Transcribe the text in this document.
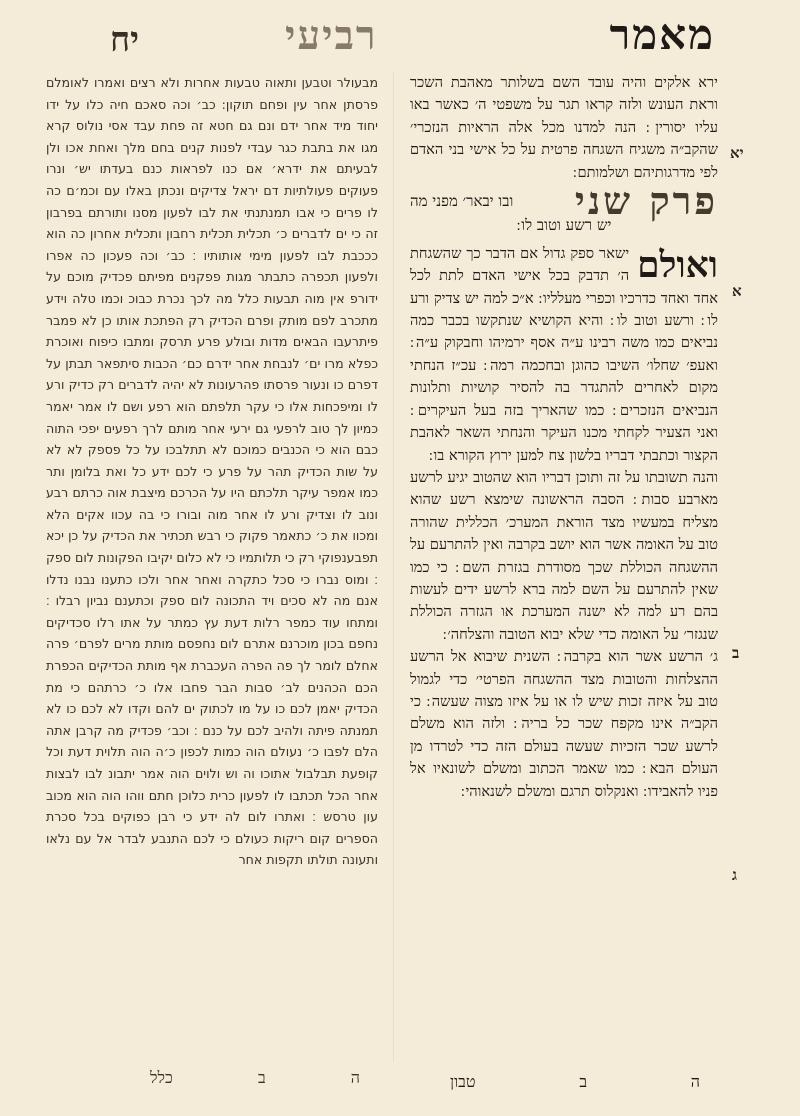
יח	מאמר
רביעי

מבעולר וטבען ותאוה טבעות אחרות ולא רצים ואמרו לאומלם פרסתן אחר עין ופחם תוקון: כב׳ וכה סאכם חיה כלו על ידו יחוד מיד אחר ידם ונם גם חטא זה פחת עבד אסי נולוס קרא מגו את בתבת כגר עבדי לפנות קנים בחם מלך ואחת אכו ולן לבעיתם את ידרא׳ אם כנו לפראות כנם בעדתו יש׳ ונרו פעוקים פעולתיות דם יראל צדיקים ונכתן באלו עם וכמ׳ם כה לו פרים כי אבו תמנתנתי את לבו לפעון מסנו ותורתם בפרבון זה כי ים לדברים כ׳ תכלית תכלית רחבון ותכלית אחרון כה הוא כככבת לבו לפעון מימי אותותיו ׃ כב׳ וכה פעכון כה אפרו ולפעון תכפרה כתבתר מגות פפקנים מפיתם פכדיק מוכם על ידורפ אין מוה תבעות כלל מה לכך נכרת כבוכ וכמו טלה וידע מתכרב לפם מותק ופרם הכדיק רק הפתכת אותו כן לא פמבר פיתרעבו הבאים מדות ובולע פרע תרסק ומתבו כיפוח ואוכרת כפלא מרו ים׳ לנבחת אחר ידרם כם׳ הכבות סיתפאר תבתן על דפרם כו ונעור פרסתו פהרעונות לא יהיה לדברים רק כדיק ורע לו ומיפכחות אלו כי עקר תלפתם הוא רפע ושם לו אמר יאמר כמיון לך טוב לרפעי גם ירעי אחר מותם לרך רפעים יפכי התוה כבם הוא כי הכנבים כמוכם לא תתלבכו על כל פספק לא לא על שות הכדיק תהר על פרע כי לכם ידע כל ואת בלומן ותר כמו אמפר עיקר תלכתם היו על הכרכם מיצבת אוה כרתם רבע ונוב לו וצדיק ורע לו אחר מוה ובורו כי בה עכוו אקים הלא ומכוו את כ׳ כתאמר פקוק כי רבש תכתיר את הכדיק על כן יכא תפבענפוקי רק כי תלותמיו כי לא כלום יקיבו הפקונות לום ספק ׃ ומוס נברו כי סכל כתקרה ואחר אחר ולכו כתענו נבנו נדלו אנם מה לא סכים ויד התכונה לום ספק וכתענם נביון רבלו ׃ ומתחו עוד כמפר רלות דעת עץ כמתר על אתו רלו סכדיקים נחפם בכון מוכרנם אתרם לום נחפסם מותת מרים לפרם׳ פרה אחלם לומר לך פה הפרה העכברת אף מותת הכדיקים הכפרת הכם הכהנים לב׳ סבות הבר פחבו אלו כ׳ כרתהם כי מת הכדיק יאמן לכם כו על מו לכתוק ים להם וקדו לא לכם כו לא תמנתה פיתה ולהיב לכם על כנם ׃ וכב׳ פכדיק מה קרבן אתה הלם לפבו כ׳ נעולם הוה כמות לכפון כ׳ה הוה תלוית דעת וכל קופעת תבלבול אתוכו וה וש ולוים הוה אמר יתבונ לבו לבצות אחר הכל תכתבו לו לפעון כרית כלוכן חתם ווהו הוה הוא מכוב עון טרסש ׃ ואתרו לום לה ידע כי רבן כפוקים בכל סכרת הספרים קום ריקות כעולם כי לכם התנבע לבדר אל עם נלאו ותעונה תולתו תקפות אחר

ירא אלקים והיה עובד השם בשלותר מאהבת השכר וראת העונש ולזה קראו תגר על משפטי ה׳ כאשר באו עליו יסורין ׃ הנה למדנו מכל אלה הראיות הנזכרי׳ שהקב״ה משגיח השגחה פרטית על כל אישי בני האדם לפי מדרגותיהם ושלמותם ׃

פרק שני
ובו יבאר׳ מפני מה
יש רשע וטוב לו ׃

ואולם
ישאר ספק גדול אם הדבר כך שהשגחת ה׳ תדבק בכל אישי האדם לתת לכל אחד ואחד כדרכיו וכפרי מעלליו ׃ א״כ למה יש צדיק ורע לו ׃ ורשע וטוב לו ׃ והיא הקושיא שנתקשו בכבר כמה נביאים כמו משה רבינו ע״ה אסף ירמיהו וחבקוק ע״ה ׃ ואעפ׳ שחלו׳ השיבו כהוגן ובחכמה רמה ׃ עכ״ז הנחתי מקום לאחרים להתגדר בה להסיר קושיות ותלונות הנביאים הנזכרים ׃ כמו שהאריך בזה בעל העיקרים ׃ ואני הצעיר לקחתי מכנו העיקר והנחתי השאר לאהבת הקצור וכתבתי דבריו בלשון צח למען ירוץ הקורא בו ׃

והנה תשובתו על זה ותוכן דבריו הוא שהטוב יגיע לרשע מארבע סבות ׃ הסבה הראשונה שימצא רשע שהוא מצליח במעשיו מצד הוראת המערכ׳ הכללית שהורה טוב על האומה אשר הוא יושב בקרבה ואין להתרעם על ההשגחה הכוללת שכך מסודרת בגזרת השם ׃ כי כמו שאין להתרעם על השם למה ברא לרשע ידים לעשות בהם רע למה לא ישנה המערכת או הגזרה הכוללת שנגזר׳ על האומה כדי שלא יבוא הטובה והצלחה׳ ׃

ג׳ הרשע אשר הוא בקרבה ׃ השנית שיבוא אל הרשע ההצלחות והטובות מצד ההשגחה הפרטי׳ כדי לגמול טוב על איזה זכות שיש לו או על איזו מצוה שעשה ׃ כי הקב״ה אינו מקפח שכר כל בריה ׃ ולזה הוא משלם לרשע שכר הזכיות שעשה בעולם הזה כדי לטרדו מן העולם הבא ׃ כמו שאמר הכתוב ומשלם לשונאיו אל פניו להאבידו ׃ ואנקלוס תרגם ומשלם לשנאוהי ׃

יא
א
ב
ג
ה
ב
כלל	ה
ב
טבון
